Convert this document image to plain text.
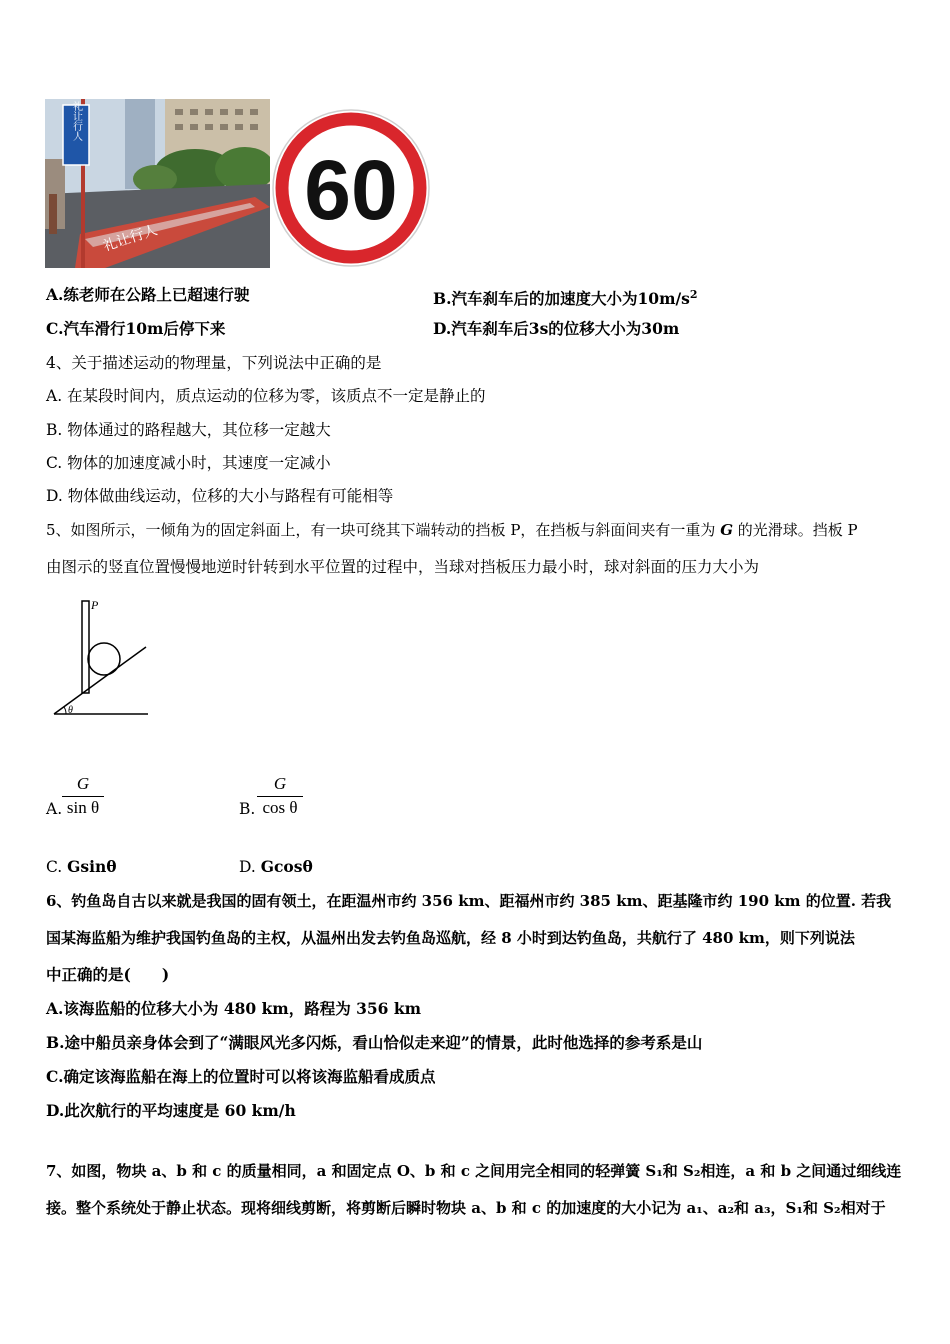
礼让行人
礼让行人
60
A.练老师在公路上已超速行驶	B.汽车刹车后的加速度大小为$10m/s^2$
C.汽车滑行10m后停下来	D.汽车刹车后3s的位移大小为30m
4、关于描述运动的物理量，下列说法中正确的是
A. 在某段时间内，质点运动的位移为零，该质点不一定是静止的
B. 物体通过的路程越大，其位移一定越大
C. 物体的加速度减小时，其速度一定减小
D. 物体做曲线运动，位移的大小与路程有可能相等
5、如图所示，一倾角为的固定斜面上，有一块可绕其下端转动的挡板 P，在挡板与斜面间夹有一重为 G 的光滑球。挡板 P
由图示的竖直位置慢慢地逆时针转到水平位置的过程中，当球对挡板压力最小时，球对斜面的压力大小为
P
θ
A. $\frac{G}{\text{sin θ}}$	B. $\frac{G}{\text{cos θ}}$
C. Gsinθ	D. Gcosθ
6、钓鱼岛自古以来就是我国的固有领土，在距温州市约 356 km、距福州市约 385 km、距基隆市约 190 km 的位置. 若我
国某海监船为维护我国钓鱼岛的主权，从温州出发去钓鱼岛巡航，经 8 小时到达钓鱼岛，共航行了 480 km，则下列说法
中正确的是(　　)
A.该海监船的位移大小为 480 km，路程为 356 km
B.途中船员亲身体会到了“满眼风光多闪烁，看山恰似走来迎”的情景，此时他选择的参考系是山
C.确定该海监船在海上的位置时可以将该海监船看成质点
D.此次航行的平均速度是 60 km/h
7、如图，物块 a、b 和 c 的质量相同，a 和固定点 O、b 和 c 之间用完全相同的轻弹簧 S₁和 S₂相连，a 和 b 之间通过细线连
接。整个系统处于静止状态。现将细线剪断，将剪断后瞬时物块 a、b 和 c 的加速度的大小记为 a₁、a₂和 a₃，S₁和 S₂相对于
